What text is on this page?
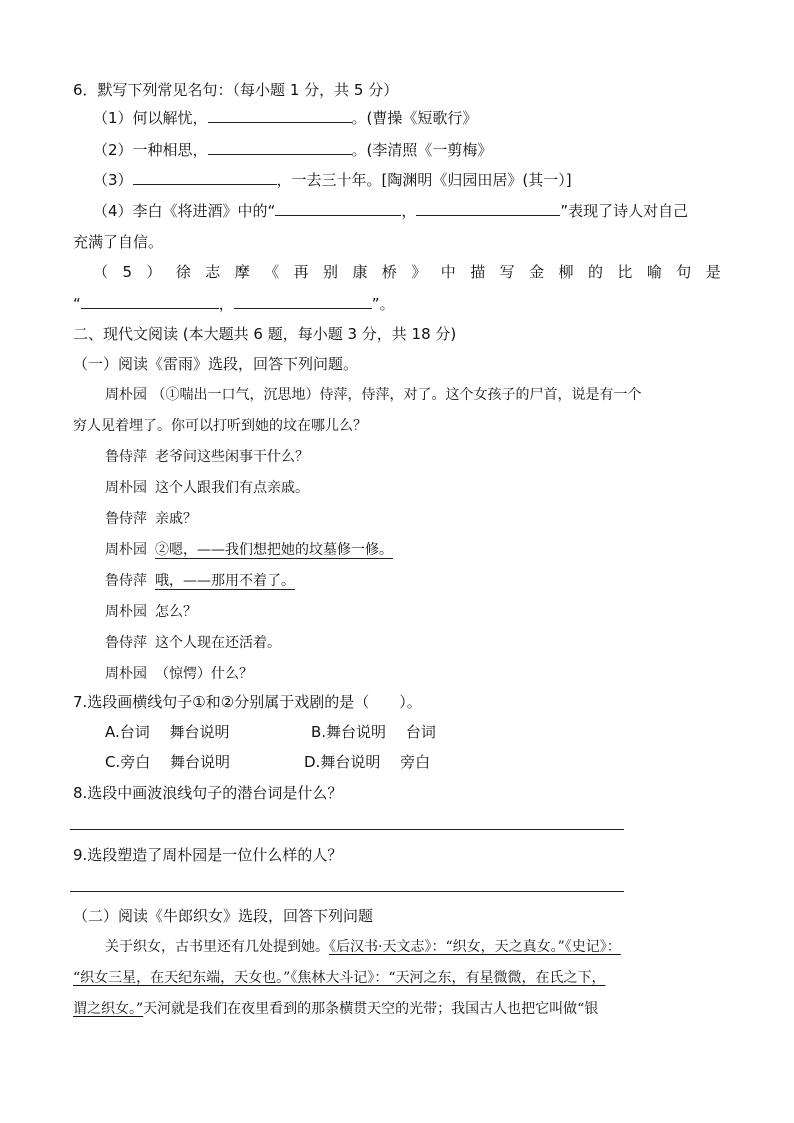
6．默写下列常见名句：（每小题 1 分，共 5 分）
（1）何以解忧，	。(曹操《短歌行》
（2）一种相思，	。(李清照《一剪梅》
（3）	，一去三十年。[陶渊明《归园田居》(其一）]
（4）李白《将进酒》中的“	，	”表现了诗人对自己
充满了自信。
（ 5 ） 徐 志 摩 《 再 别 康 桥 》 中 描 写 金 柳 的 比 喻 句 是
“	，	”。
二、现代文阅读 (本大题共 6 题，每小题 3 分，共 18 分)
（一）阅读《雷雨》选段，回答下列问题。
周朴园 （①喘出一口气，沉思地）侍萍，侍萍，对了。这个女孩子的尸首，说是有一个
穷人见着埋了。你可以打听到她的坟在哪儿么？
鲁侍萍 老爷问这些闲事干什么？
周朴园 这个人跟我们有点亲戚。
鲁侍萍 亲戚？
周朴园 ②嗯，——我们想把她的坟墓修一修。
鲁侍萍 哦，——那用不着了。
周朴园 怎么？
鲁侍萍 这个人现在还活着。
周朴园 （惊愕）什么？
7.选段画横线句子①和②分别属于戏剧的是（　　）。
A.台词　 舞台说明	B.舞台说明　 台词
C.旁白　 舞台说明	D.舞台说明　 旁白
8.选段中画波浪线句子的潜台词是什么？
9.选段塑造了周朴园是一位什么样的人？
（二）阅读《牛郎织女》选段，回答下列问题
关于织女，古书里还有几处提到她。《后汉书·天文志》：“织女，天之真女。”《史记》：
“织女三星，在天纪东端，天女也。”《焦林大斗记》：“天河之东，有星微微，在氏之下，
谓之织女。”天河就是我们在夜里看到的那条横贯天空的光带；我国古人也把它叫做“银
